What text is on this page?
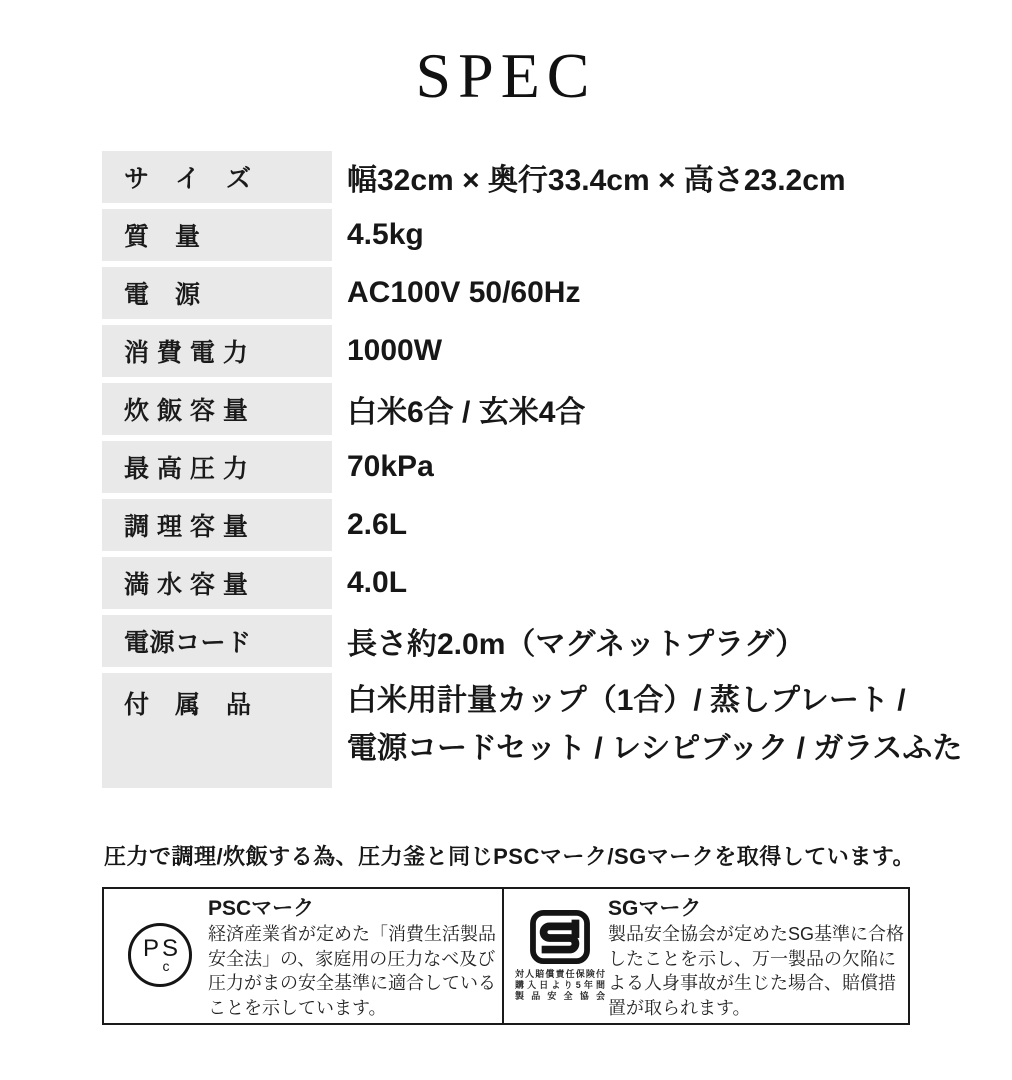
SPEC
サ　イ　ズ	幅32cm × 奥行33.4cm × 高さ23.2cm
質　量	4.5kg
電　源	AC100V 50/60Hz
消 費 電 力	1000W
炊 飯 容 量	白米6合 / 玄米4合
最 高 圧 力	70kPa
調 理 容 量	2.6L
満 水 容 量	4.0L
電源コード	長さ約2.0m（マグネットプラグ）
付　属　品	白米用計量カップ（1合）/ 蒸しプレート /
電源コードセット / レシピブック / ガラスふた

圧力で調理/炊飯する為、圧力釜と同じPSCマーク/SGマークを取得しています。

PS
c
PSCマーク
経済産業省が定めた「消費生活製品
安全法」の、家庭用の圧力なべ及び
圧力がまの安全基準に適合している
ことを示しています。
対人賠償責任保険付
購入日より5年間
製品安全協会
SGマーク
製品安全協会が定めたSG基準に合格
したことを示し、万一製品の欠陥に
よる人身事故が生じた場合、賠償措
置が取られます。
